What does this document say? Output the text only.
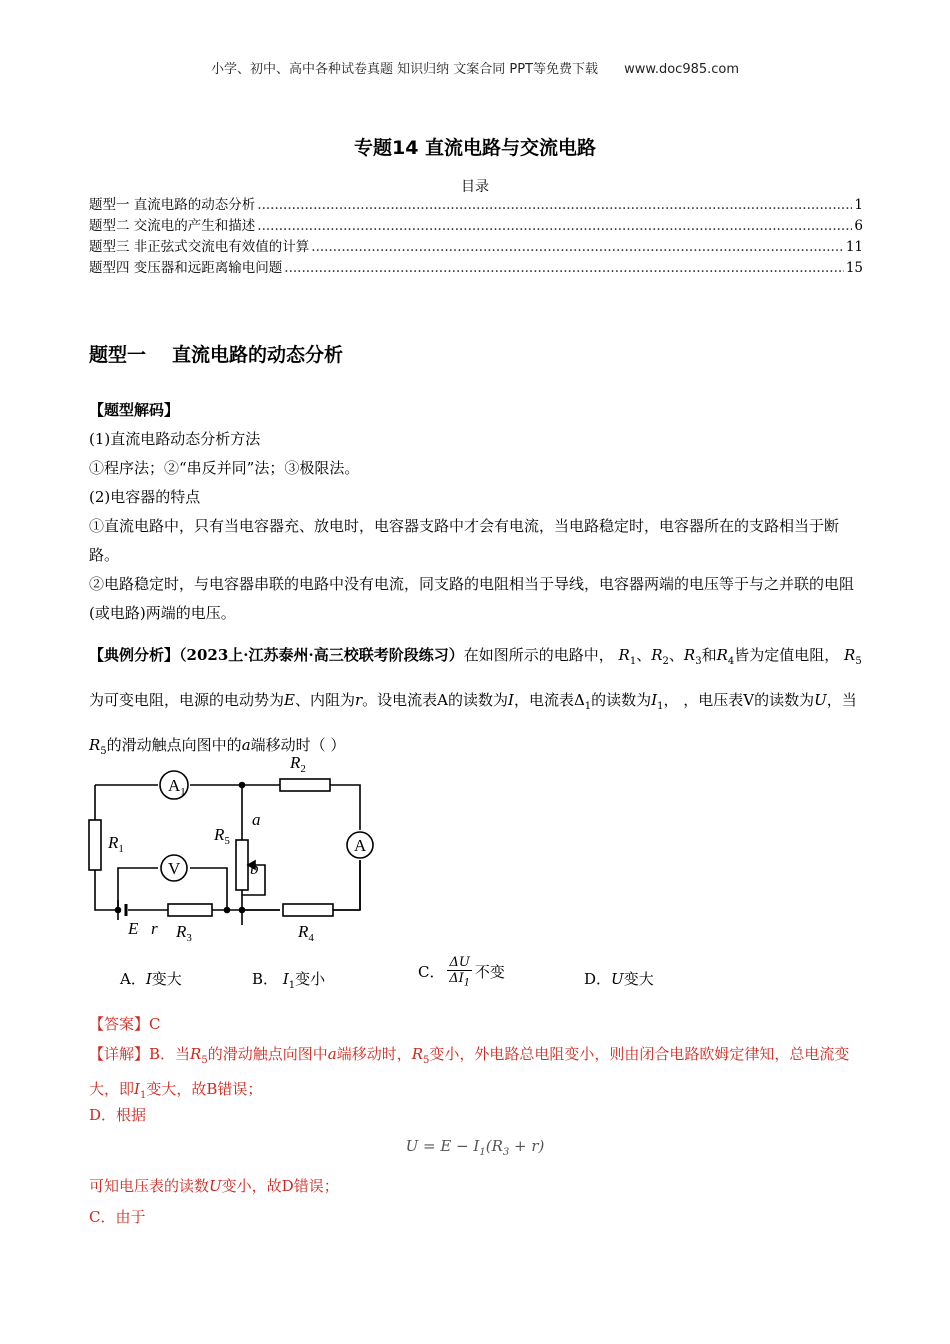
小学、初中、高中各种试卷真题 知识归纳 文案合同 PPT等免费下载 www.doc985.com
专题14 直流电路与交流电路
目录
题型一 直流电路的动态分析 .....	1
题型二 交流电的产生和描述 .....	6
题型三 非正弦式交流电有效值的计算 .....	11
题型四 变压器和远距离输电问题 .....	15
题型一 直流电路的动态分析
【题型解码】
(1)直流电路动态分析方法
①程序法；②“串反并同”法；③极限法。
(2)电容器的特点
①直流电路中，只有当电容器充、放电时，电容器支路中才会有电流，当电路稳定时，电容器所在的支路相当于断路。
②电路稳定时，与电容器串联的电路中没有电流，同支路的电阻相当于导线，电容器两端的电压等于与之并联的电阻(或电路)两端的电压。
【典例分析】（2023上·江苏泰州·高三校联考阶段练习）在如图所示的电路中， $R_1$、$R_2$、$R_3$和$R_4$皆为定值电阻， $R_5$为可变电阻，电源的电动势为E、内阻为r。设电流表A的读数为I，电流表$\Delta_1$的读数为$I_1$， ，电压表V的读数为U，当$R_5$的滑动触点向图中的a端移动时（ ）
$A_1$
A
V
$R_2$
$R_1$
$R_5$
a
b
$R_3$	$R_4$
E r
A．I变大	B． $I_1$变小	C．
ΔU
$\Delta I_1$
不变	D．U变大
【答案】C
【详解】B．当$R_5$的滑动触点向图中a端移动时，$R_5$变小，外电路总电阻变小，则由闭合电路欧姆定律知，总电流变大，即$I_1$变大，故B错误；
D．根据
$U = E - I_1(R_3 + r)$
可知电压表的读数U变小，故D错误；
C．由于
